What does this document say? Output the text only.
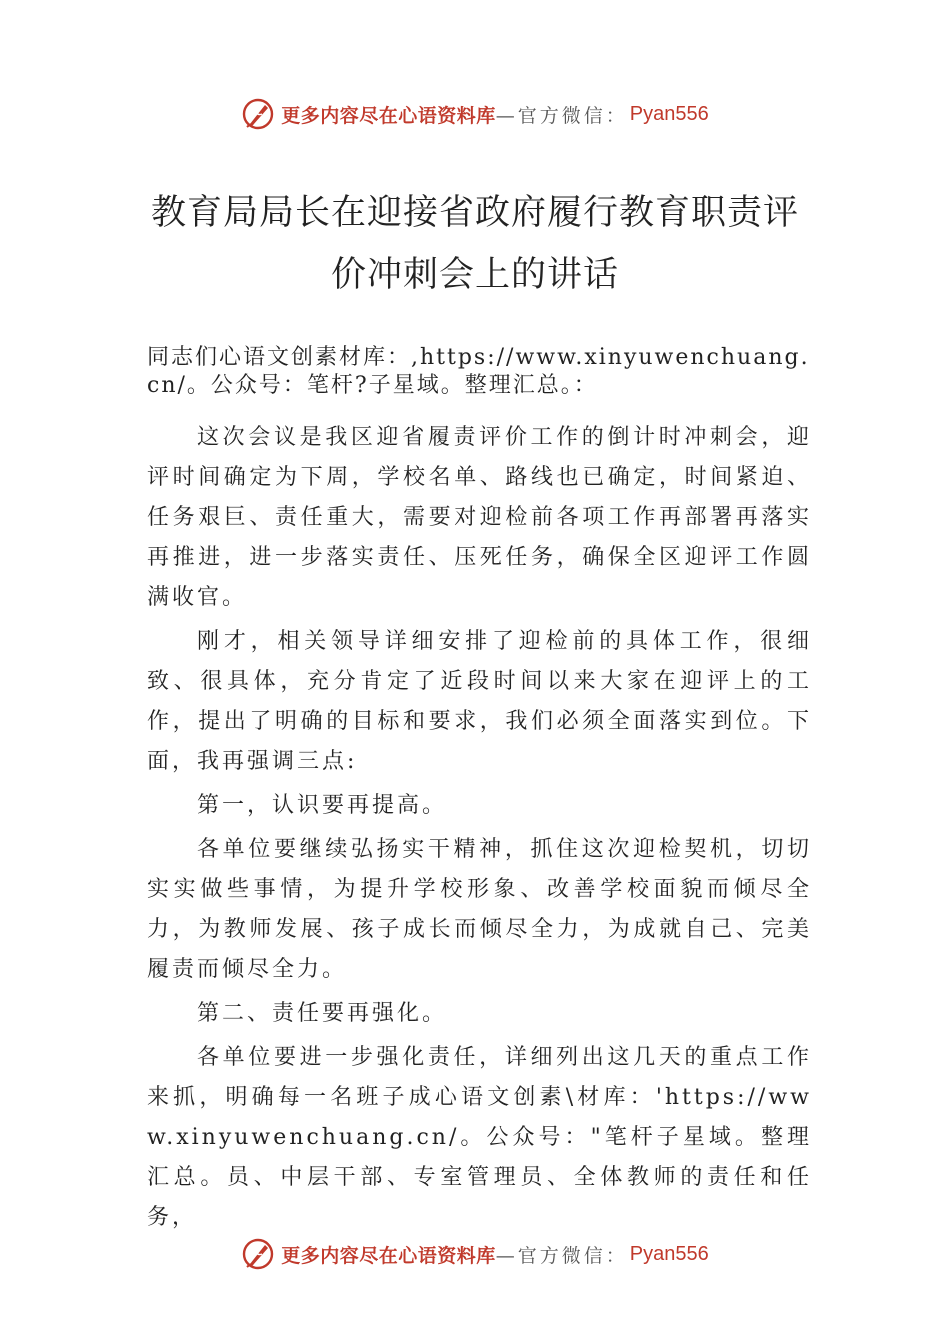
更多内容尽在心语资料库 —官方微信： Pyan556
教育局局长在迎接省政府履行教育职责评价冲刺会上的讲话

同志们心语文创素材库：,https://www.xinyuwenchuang.cn/。公众号：笔杆?子星域。整理汇总。：

这次会议是我区迎省履责评价工作的倒计时冲刺会，迎评时间确定为下周，学校名单、路线也已确定，时间紧迫、 任务艰巨、责任重大，需要对迎检前各项工作再部署再落实再推进，进一步落实责任、压死任务，确保全区迎评工作圆满收官。

刚才，相关领导详细安排了迎检前的具体工作，很细致、很具体，充分肯定了近段时间以来大家在迎评上的工作，提出了明确的目标和要求，我们必须全面落实到位。下面，我再强调三点:

第一，认识要再提高。

各单位要继续弘扬实干精神，抓住这次迎检契机，切切实实做些事情，为提升学校形象、改善学校面貌而倾尽全力，为教师发展、孩子成长而倾尽全力，为成就自己、完美履责而倾尽全力。

第二、责任要再强化。

各单位要进一步强化责任，详细列出这几天的重点工作来抓，明确每一名班子成心语文创素\材库：'https://www.xinyuwenchuang.cn/。公众号："笔杆子星域。整理汇总。员、中层干部、专室管理员、全体教师的责任和任务，

更多内容尽在心语资料库 —官方微信： Pyan556
